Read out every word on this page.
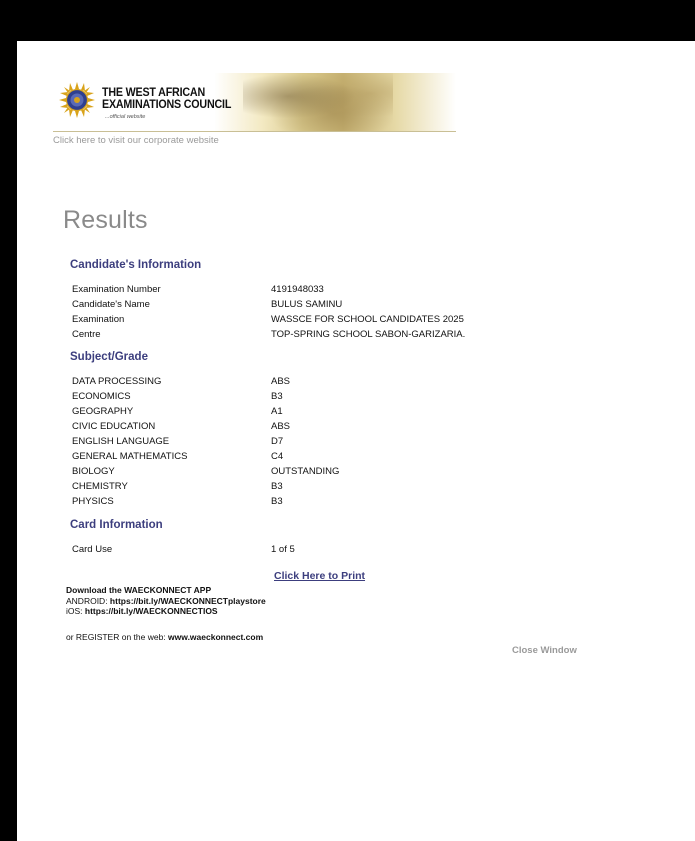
THE WEST AFRICAN
EXAMINATIONS COUNCIL
...official website
Click here to visit our corporate website
Results
Candidate's Information
Examination Number	4191948033
Candidate's Name	BULUS SAMINU
Examination	WASSCE FOR SCHOOL CANDIDATES 2025
Centre	TOP-SPRING SCHOOL SABON-GARIZARIA.
Subject/Grade
DATA PROCESSING	ABS
ECONOMICS	B3
GEOGRAPHY	A1
CIVIC EDUCATION	ABS
ENGLISH LANGUAGE	D7
GENERAL MATHEMATICS	C4
BIOLOGY	OUTSTANDING
CHEMISTRY	B3
PHYSICS	B3
Card Information
Card Use	1 of 5
Click Here to Print
Download the WAECKONNECT APP
ANDROID: https://bit.ly/WAECKONNECTplaystore
iOS: https://bit.ly/WAECKONNECTIOS
or REGISTER on the web: www.waeckonnect.com
Close Window
